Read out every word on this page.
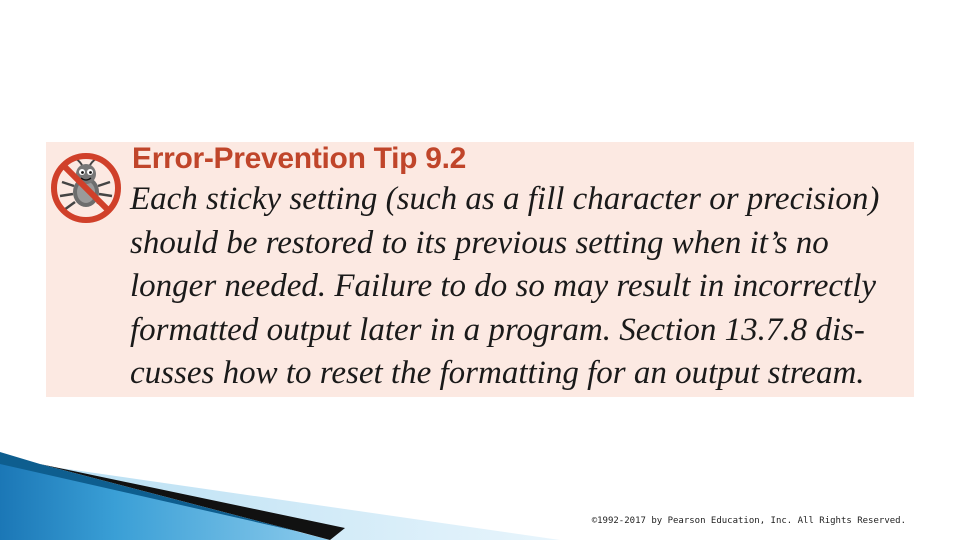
Error-Prevention Tip 9.2

Each sticky setting (such as a fill character or precision)
should be restored to its previous setting when it’s no
longer needed. Failure to do so may result in incorrectly
formatted output later in a program. Section 13.7.8 dis-
cusses how to reset the formatting for an output stream.

©1992-2017 by Pearson Education, Inc. All Rights Reserved.
